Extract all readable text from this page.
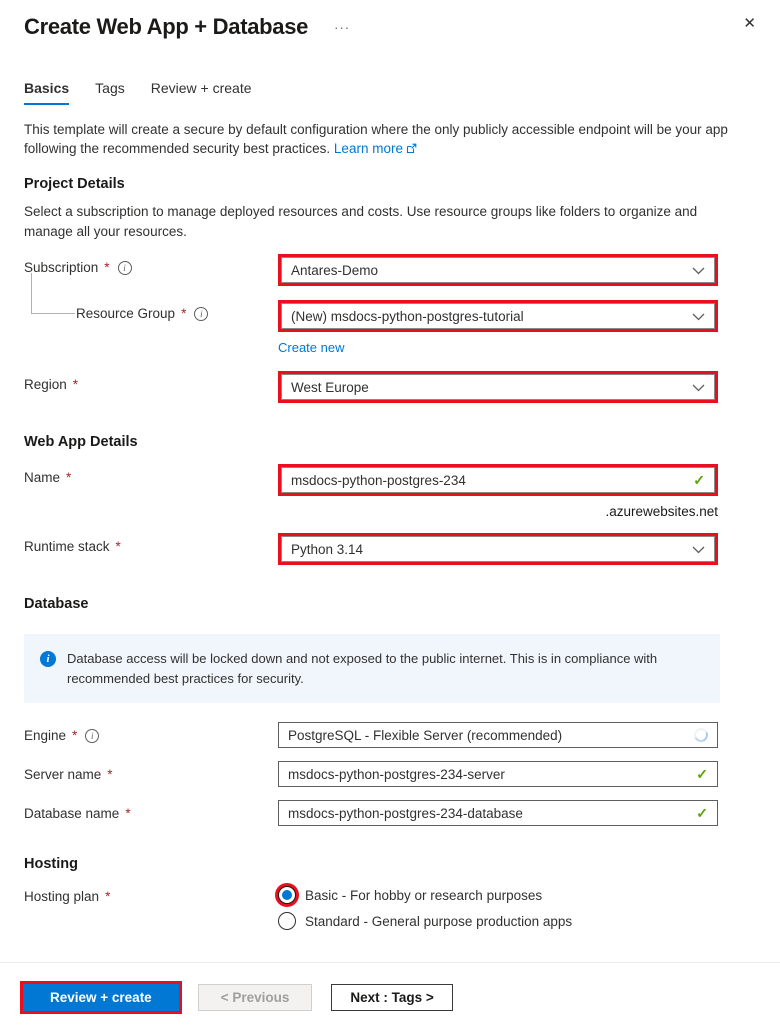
Create Web App + Database ···	✕
Basics Tags Review + create

This template will create a secure by default configuration where the only publicly accessible endpoint will be your app following the recommended security best practices. Learn more

Project Details

Select a subscription to manage deployed resources and costs. Use resource groups like folders to organize and manage all your resources.

Subscription *	i	Antares-Demo
Resource Group *	i	(New) msdocs-python-postgres-tutorial
Create new
Region *	West Europe
Web App Details
Name *	msdocs-python-postgres-234	✓
.azurewebsites.net
Runtime stack *	Python 3.14
Database
i	Database access will be locked down and not exposed to the public internet. This is in compliance with recommended best practices for security.
Engine *	i	PostgreSQL - Flexible Server (recommended)
Server name *	msdocs-python-postgres-234-server	✓
Database name *	msdocs-python-postgres-234-database	✓
Hosting
Hosting plan *	Basic - For hobby or research purposes
Standard - General purpose production apps
Review + create	< Previous	Next : Tags >
